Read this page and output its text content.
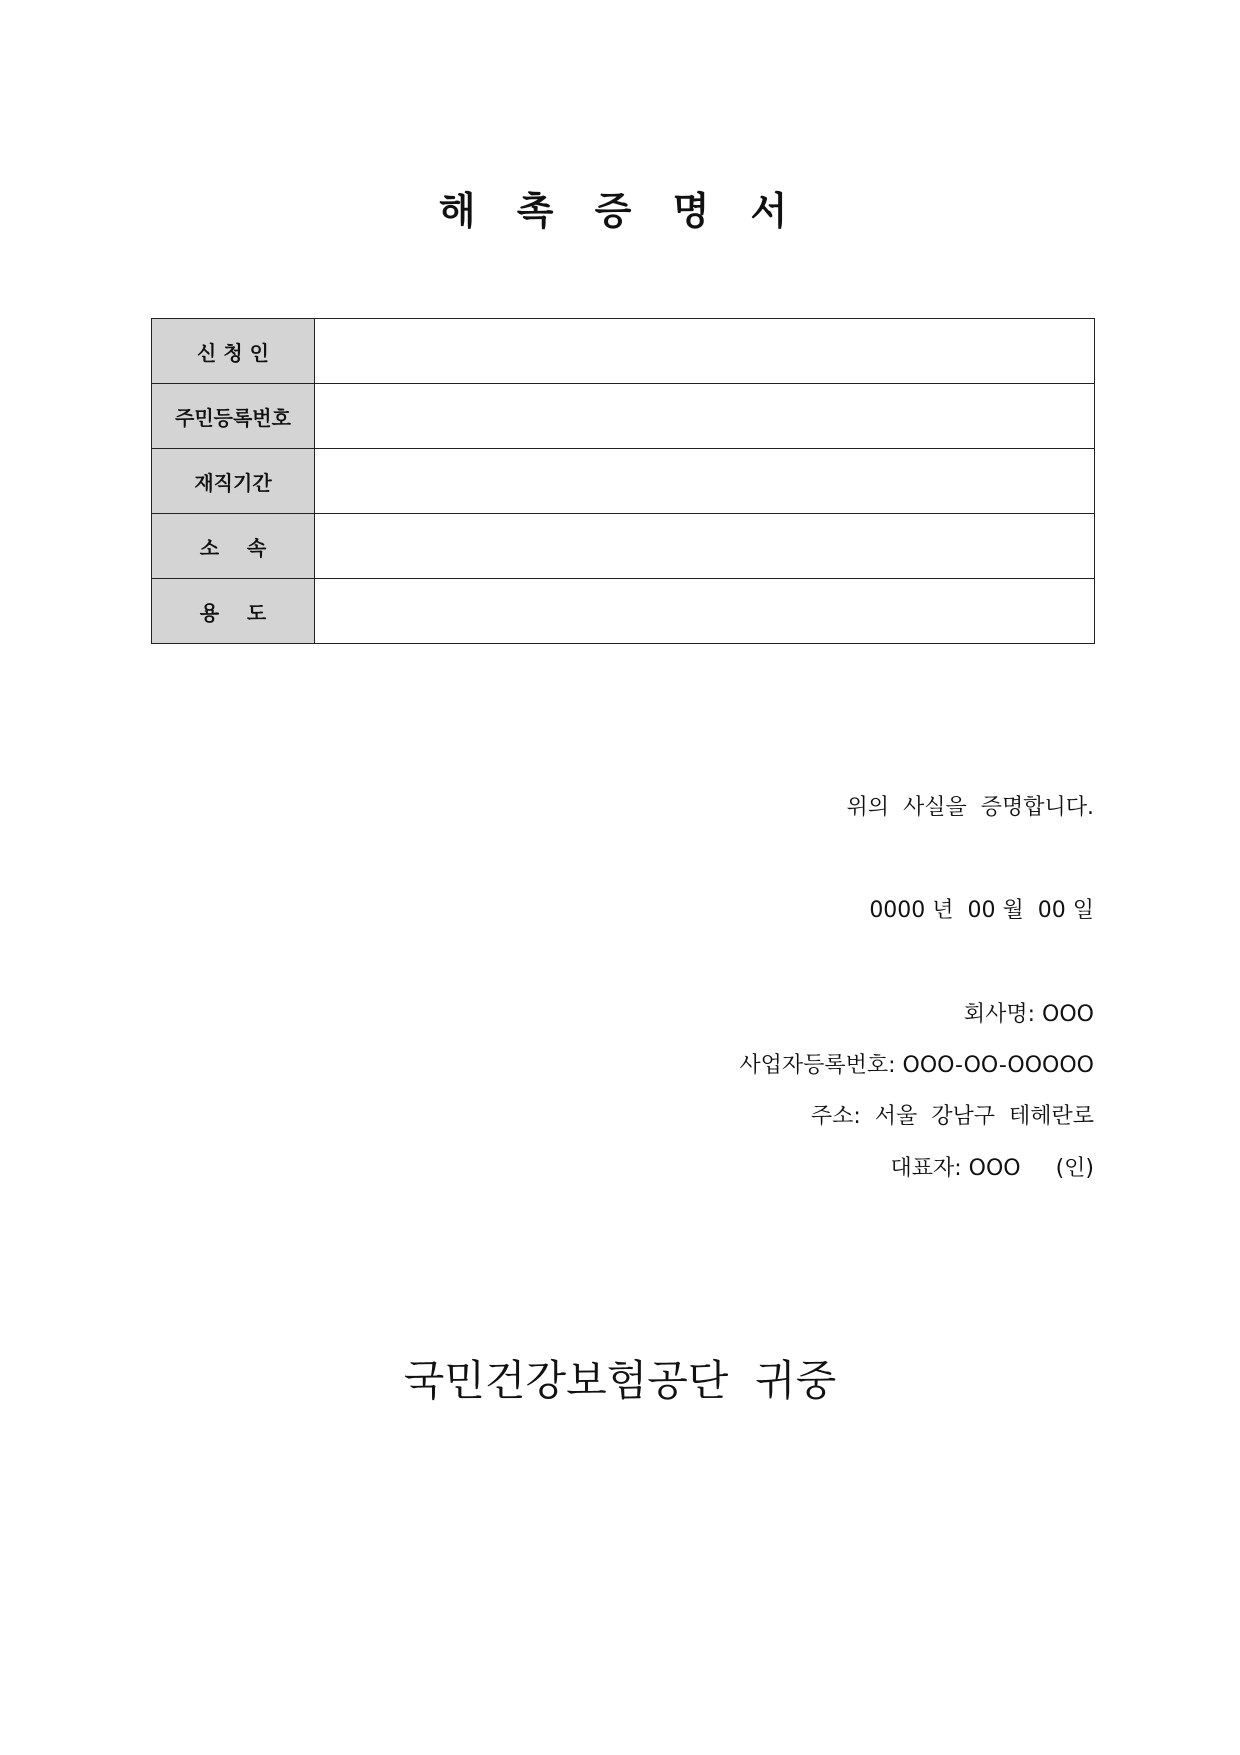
해 촉 증 명 서
신 청 인	
주민등록번호	
재직기간	
소    속	
용    도	
위의  사실을  증명합니다.
0000 년  00 월  00 일
회사명: OOO
사업자등록번호: OOO-OO-OOOOO
주소:  서울  강남구  테헤란로
대표자: OOO     (인)
국민건강보험공단  귀중
